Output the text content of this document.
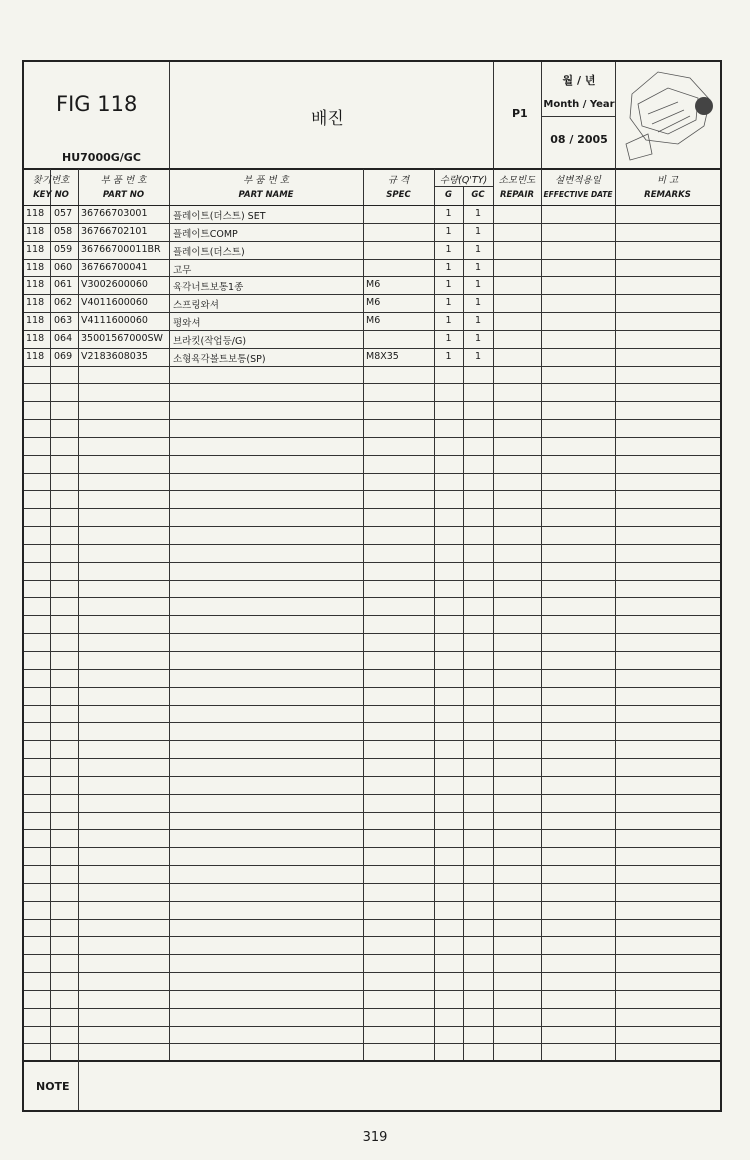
FIG 118
HU7000G/GC
배진	P1
월 / 년
Month / Year
08 / 2005
찾기번호
KEY NO
부 품 번 호
PART NO
부 품 번 호
PART NAME
규 격
SPEC
수량(Q'TY)
G	GC
소모빈도
REPAIR
설변적용일
EFFECTIVE DATE
비 고
REMARKS
118 057 36766703001	플레이트(더스트) SET	1	1
118 058 36766702101	플레이트COMP	1	1
118 059 36766700011BR 플레이트(더스트)	1	1
118 060 36766700041	고무	1	1
118 061 V3002600060	육각너트보통1종	M6	1	1
118 062 V4011600060	스프링와셔	M6	1	1
118 063 V4111600060	평와셔	M6	1	1
118 064 35001567000SW 브라킷(작업등/G)	1	1
118 069 V2183608035	소형육각볼트보통(SP)	M8X35	1	1
NOTE
319
